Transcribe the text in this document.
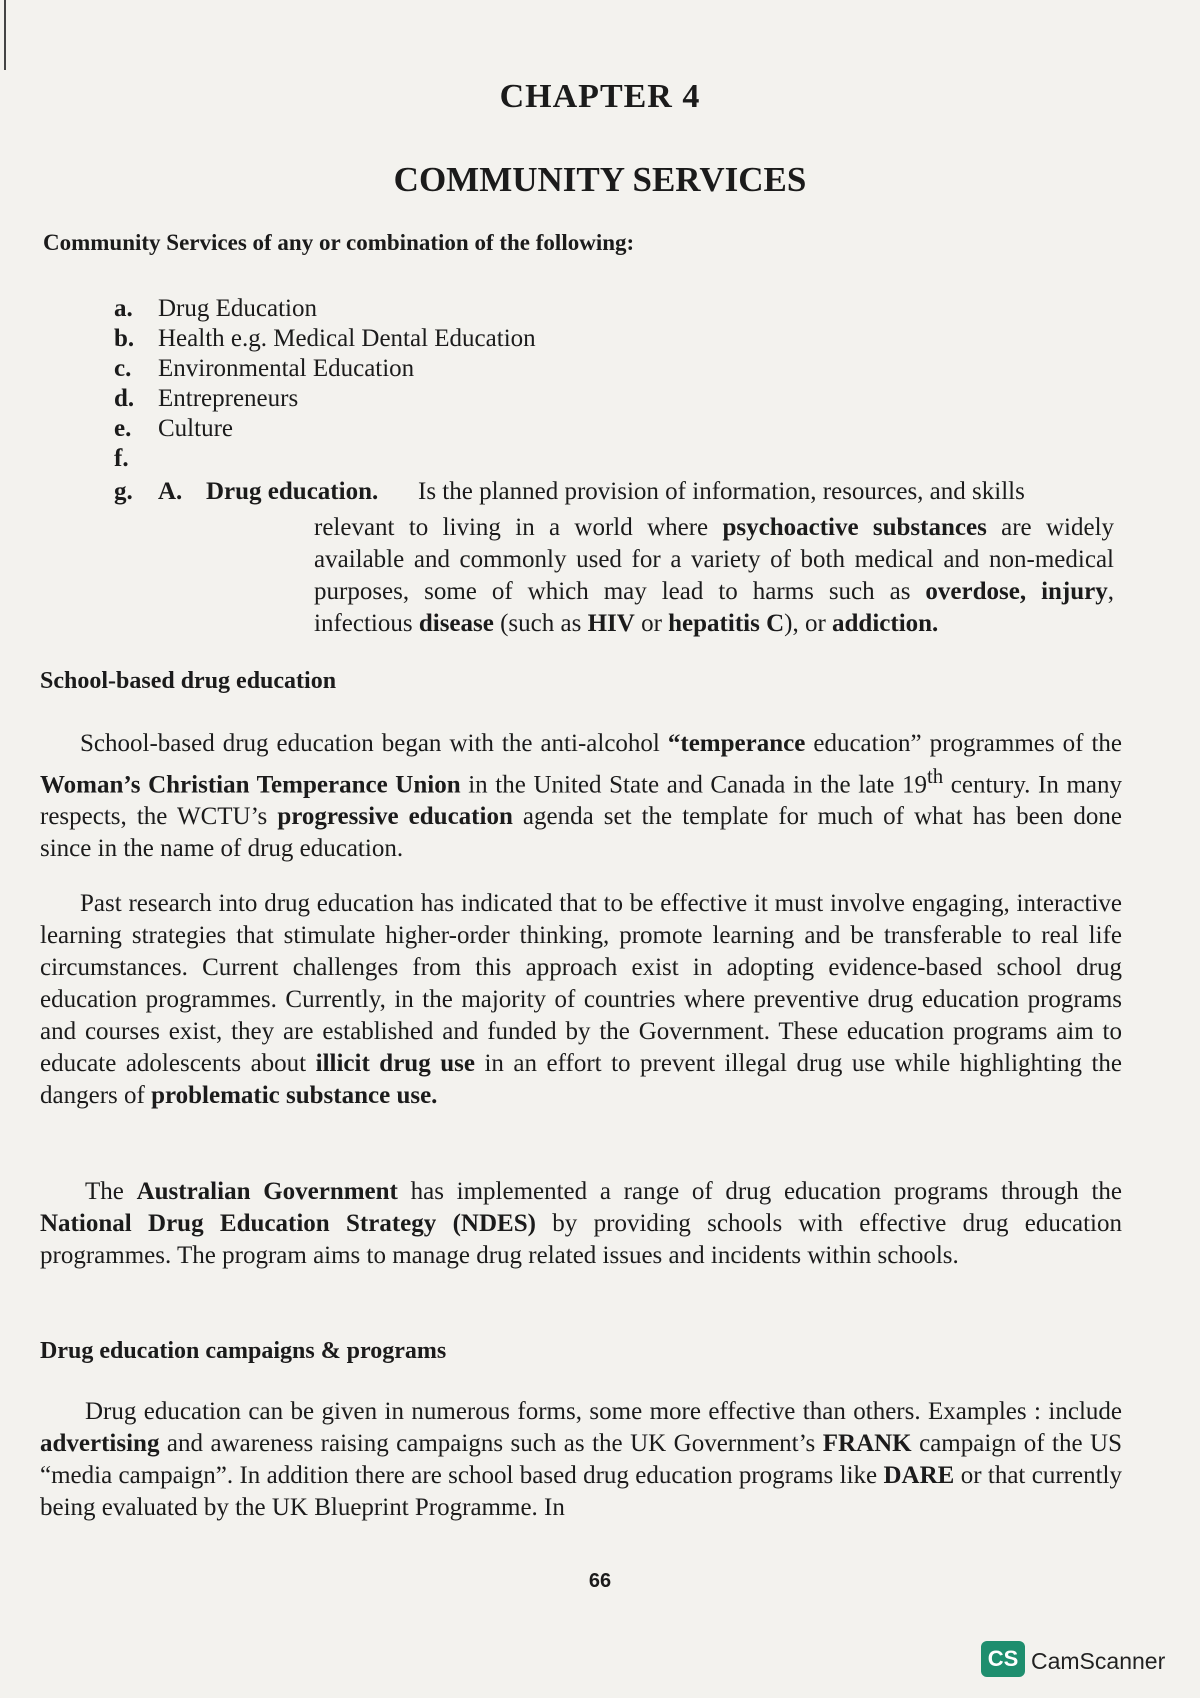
CHAPTER 4
COMMUNITY SERVICES
Community Services of any or combination of the following:
a. Drug Education
b. Health e.g. Medical Dental Education
c. Environmental Education
d. Entrepreneurs
e. Culture
f.
g. A. Drug education. Is the planned provision of information, resources, and skills
relevant to living in a world where psychoactive substances are widely available and commonly used for a variety of both medical and non-medical purposes, some of which may lead to harms such as overdose, injury, infectious disease (such as HIV or hepatitis C), or addiction.
School-based drug education
School-based drug education began with the anti-alcohol “temperance education” programmes of the Woman’s Christian Temperance Union in the United State and Canada in the late 19th century. In many respects, the WCTU’s progressive education agenda set the template for much of what has been done since in the name of drug education.
Past research into drug education has indicated that to be effective it must involve engaging, interactive learning strategies that stimulate higher-order thinking, promote learning and be transferable to real life circumstances. Current challenges from this approach exist in adopting evidence-based school drug education programmes. Currently, in the majority of countries where preventive drug education programs and courses exist, they are established and funded by the Government. These education programs aim to educate adolescents about illicit drug use in an effort to prevent illegal drug use while highlighting the dangers of problematic substance use.
The Australian Government has implemented a range of drug education programs through the National Drug Education Strategy (NDES) by providing schools with effective drug education programmes. The program aims to manage drug related issues and incidents within schools.
Drug education campaigns & programs
Drug education can be given in numerous forms, some more effective than others. Examples : include advertising and awareness raising campaigns such as the UK Government’s FRANK campaign of the US “media campaign”. In addition there are school based drug education programs like DARE or that currently being evaluated by the UK Blueprint Programme. In
66
CS CamScanner
